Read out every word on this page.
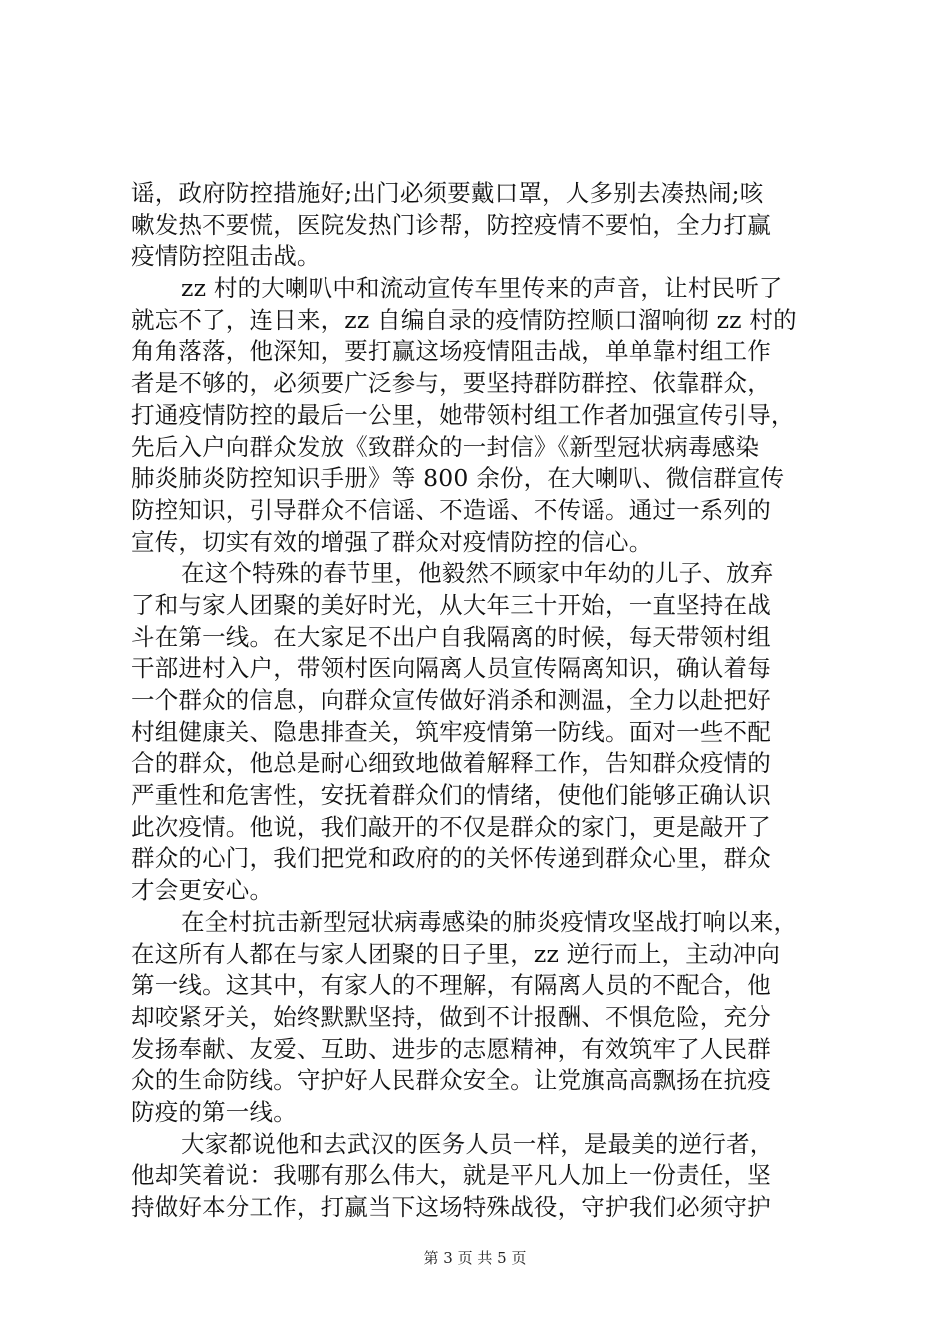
谣，政府防控措施好;出门必须要戴口罩，人多别去凑热闹;咳
嗽发热不要慌，医院发热门诊帮，防控疫情不要怕，全力打赢
疫情防控阻击战。
zz 村的大喇叭中和流动宣传车里传来的声音，让村民听了
就忘不了，连日来，zz 自编自录的疫情防控顺口溜响彻 zz 村的
角角落落，他深知，要打赢这场疫情阻击战，单单靠村组工作
者是不够的，必须要广泛参与，要坚持群防群控、依靠群众，
打通疫情防控的最后一公里，她带领村组工作者加强宣传引导，
先后入户向群众发放《致群众的一封信》《新型冠状病毒感染
肺炎肺炎防控知识手册》等 800 余份，在大喇叭、微信群宣传
防控知识，引导群众不信谣、不造谣、不传谣。通过一系列的
宣传，切实有效的增强了群众对疫情防控的信心。
在这个特殊的春节里，他毅然不顾家中年幼的儿子、放弃
了和与家人团聚的美好时光，从大年三十开始，一直坚持在战
斗在第一线。在大家足不出户自我隔离的时候，每天带领村组
干部进村入户，带领村医向隔离人员宣传隔离知识，确认着每
一个群众的信息，向群众宣传做好消杀和测温，全力以赴把好
村组健康关、隐患排查关，筑牢疫情第一防线。面对一些不配
合的群众，他总是耐心细致地做着解释工作，告知群众疫情的
严重性和危害性，安抚着群众们的情绪，使他们能够正确认识
此次疫情。他说，我们敲开的不仅是群众的家门，更是敲开了
群众的心门，我们把党和政府的的关怀传递到群众心里，群众
才会更安心。
在全村抗击新型冠状病毒感染的肺炎疫情攻坚战打响以来，
在这所有人都在与家人团聚的日子里，zz 逆行而上，主动冲向
第一线。这其中，有家人的不理解，有隔离人员的不配合，他
却咬紧牙关，始终默默坚持，做到不计报酬、不惧危险，充分
发扬奉献、友爱、互助、进步的志愿精神，有效筑牢了人民群
众的生命防线。守护好人民群众安全。让党旗高高飘扬在抗疫
防疫的第一线。
大家都说他和去武汉的医务人员一样，是最美的逆行者，
他却笑着说：我哪有那么伟大，就是平凡人加上一份责任，坚
持做好本分工作，打赢当下这场特殊战役，守护我们必须守护
第 3 页 共 5 页
